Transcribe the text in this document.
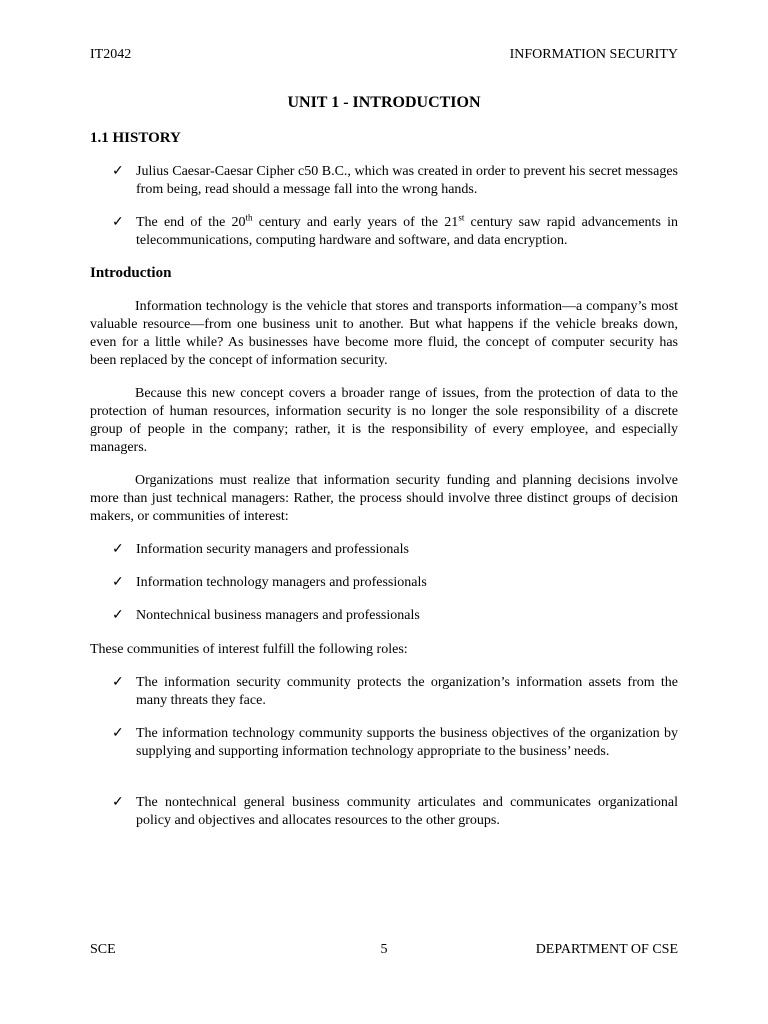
IT2042	INFORMATION SECURITY
UNIT 1 - INTRODUCTION
1.1 HISTORY
✓ Julius Caesar-Caesar Cipher c50 B.C., which was created in order to prevent his secret messages from being, read should a message fall into the wrong hands.
✓ The end of the 20th century and early years of the 21st century saw rapid advancements in telecommunications, computing hardware and software, and data encryption.
Introduction
Information technology is the vehicle that stores and transports information—a company’s most valuable resource—from one business unit to another. But what happens if the vehicle breaks down, even for a little while? As businesses have become more fluid, the concept of computer security has been replaced by the concept of information security.
Because this new concept covers a broader range of issues, from the protection of data to the protection of human resources, information security is no longer the sole responsibility of a discrete group of people in the company; rather, it is the responsibility of every employee, and especially managers.
Organizations must realize that information security funding and planning decisions involve more than just technical managers: Rather, the process should involve three distinct groups of decision makers, or communities of interest:
✓ Information security managers and professionals
✓ Information technology managers and professionals
✓ Nontechnical business managers and professionals
These communities of interest fulfill the following roles:
✓ The information security community protects the organization’s information assets from the many threats they face.
✓ The information technology community supports the business objectives of the organization by supplying and supporting information technology appropriate to the business’ needs.
✓ The nontechnical general business community articulates and communicates organizational policy and objectives and allocates resources to the other groups.
SCE	5	DEPARTMENT OF CSE
